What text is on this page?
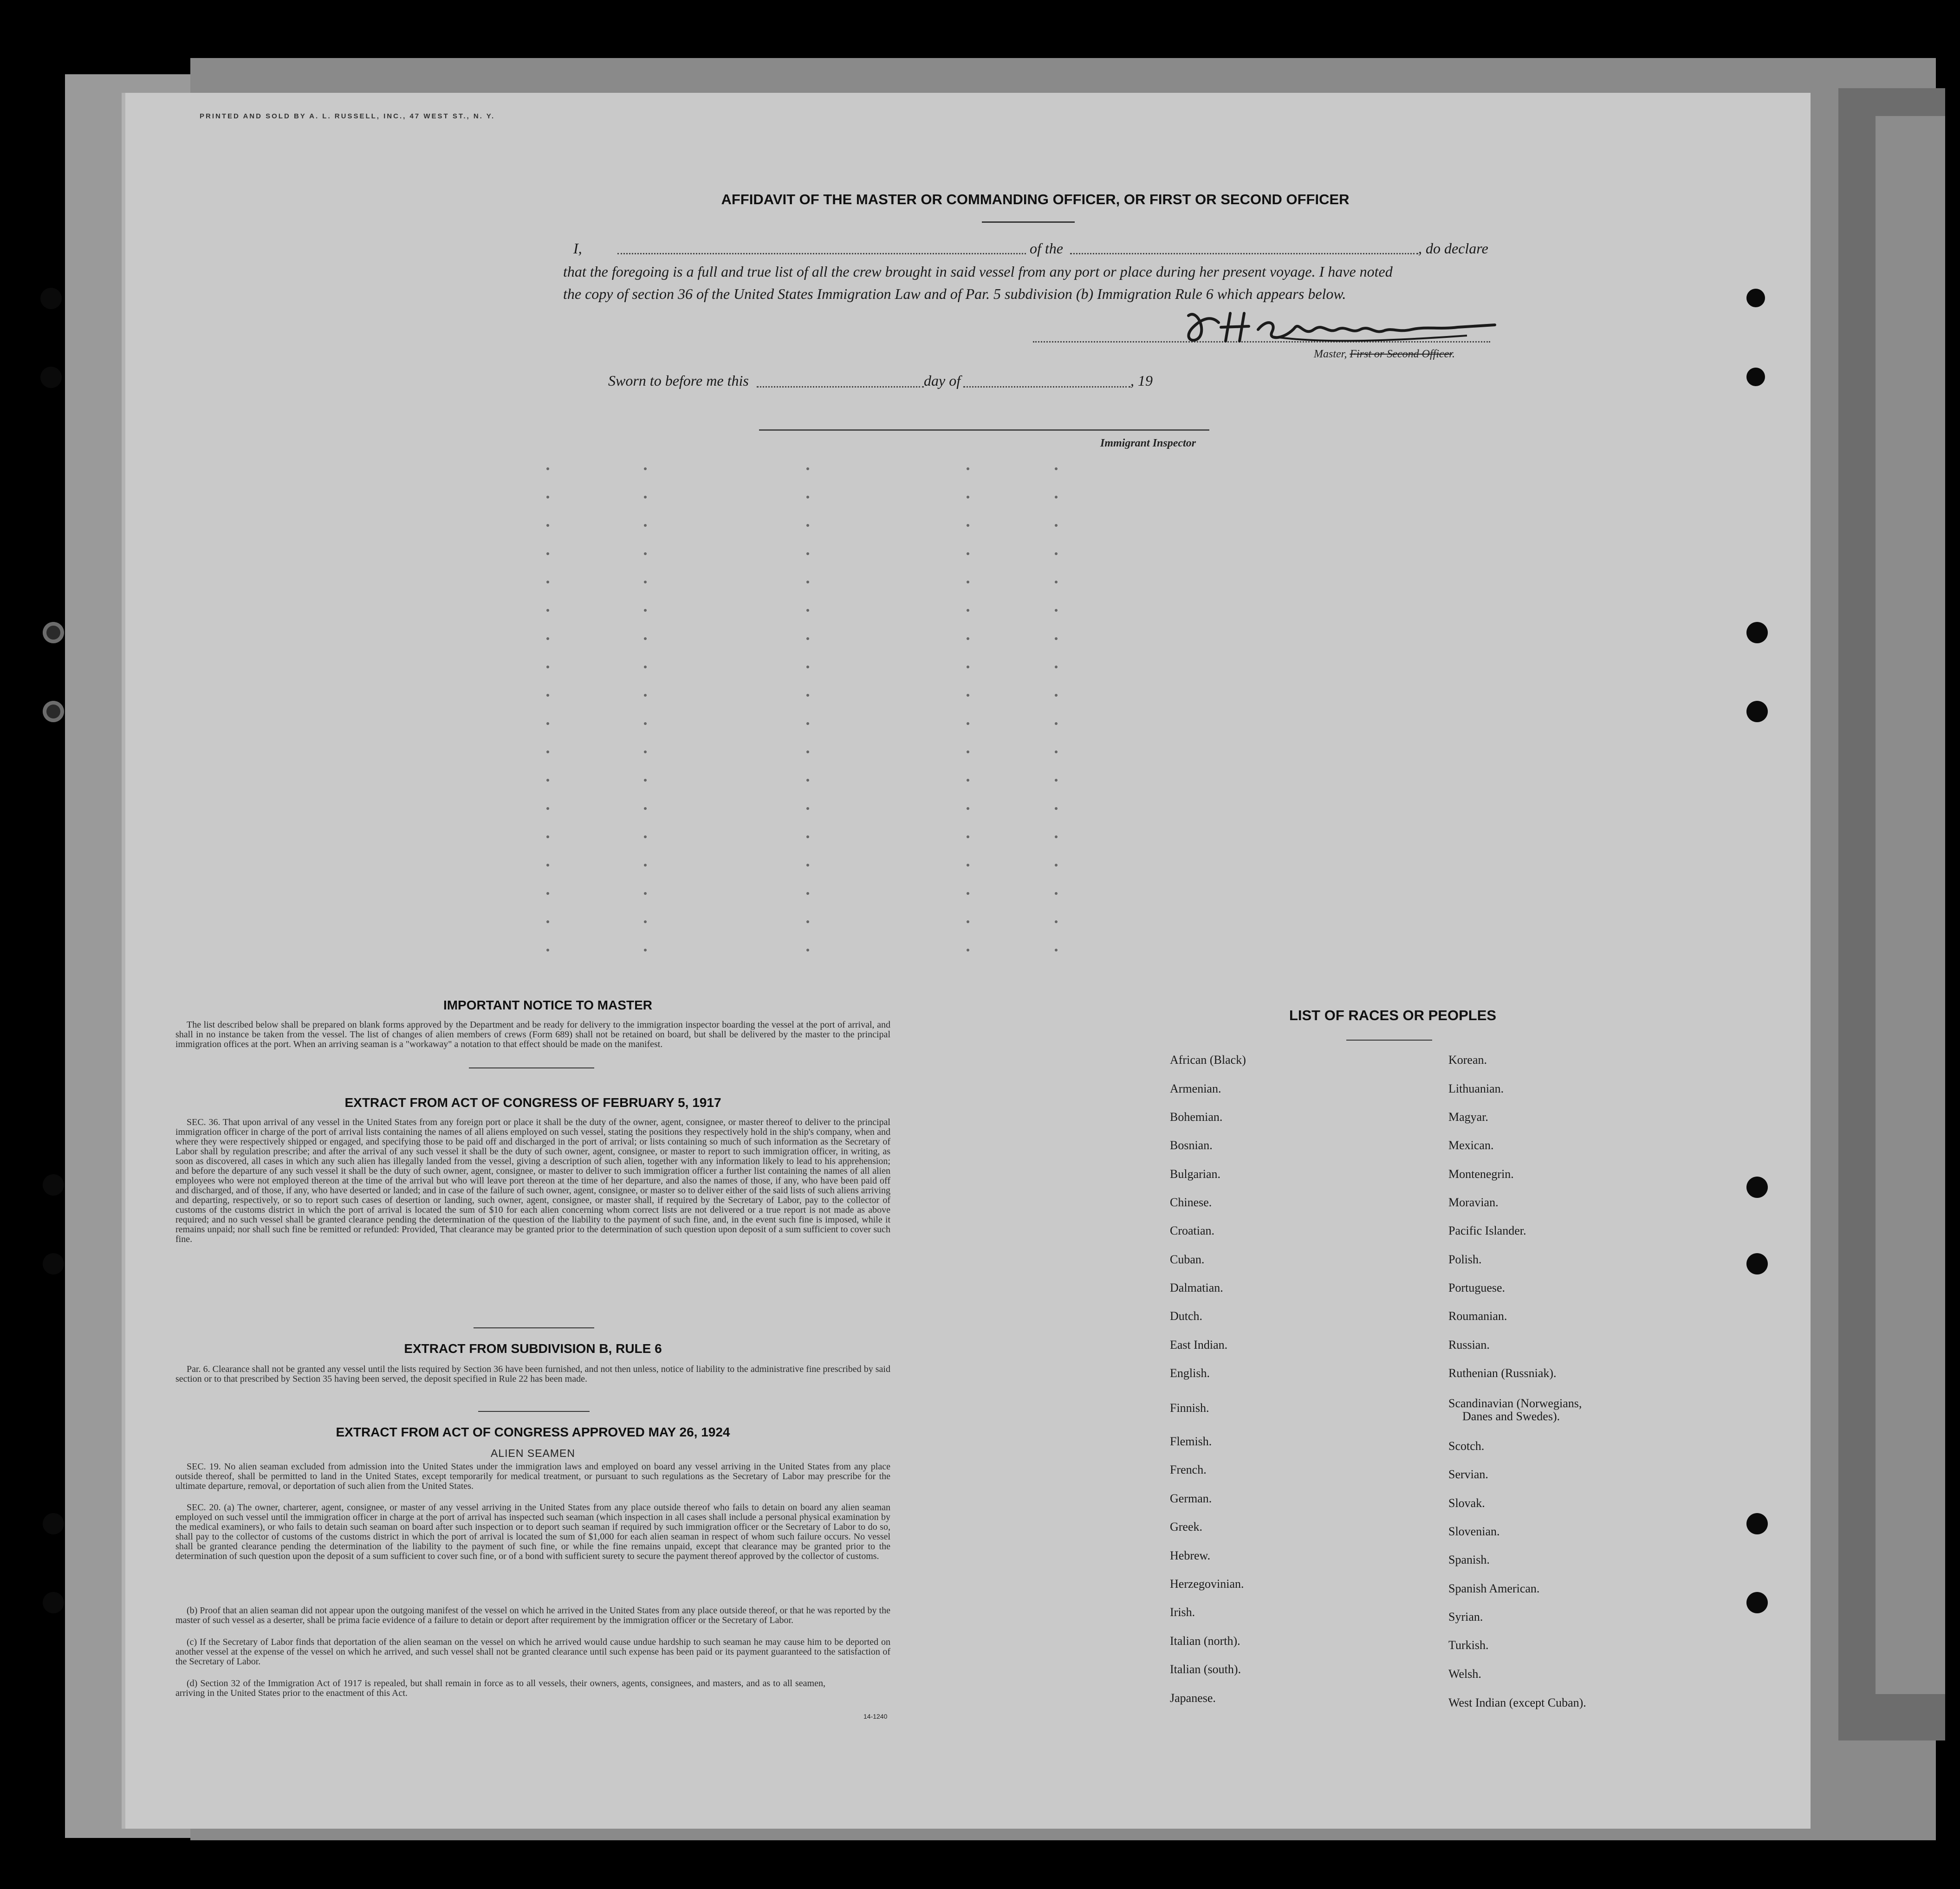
PRINTED AND SOLD BY A. L. RUSSELL, INC., 47 WEST ST., N. Y.
AFFIDAVIT OF THE MASTER OR COMMANDING OFFICER, OR FIRST OR SECOND OFFICER
I,	of the	, do declare
that the foregoing is a full and true list of all the crew brought in said vessel from any port or place during her present voyage. I have noted
the copy of section 36 of the United States Immigration Law and of Par. 5 subdivision (b) Immigration Rule 6 which appears below.
Master, First or Second Officer.
Sworn to before me this	day of	, 19
Immigrant Inspector
IMPORTANT NOTICE TO MASTER

The list described below shall be prepared on blank forms approved by the Department and be ready for delivery to the immigration inspector boarding the vessel at the port of arrival, and shall in no instance be taken from the vessel. The list of changes of alien members of crews (Form 689) shall not be retained on board, but shall be delivered by the master to the principal immigration offices at the port. When an arriving seaman is a "workaway" a notation to that effect should be made on the manifest.

EXTRACT FROM ACT OF CONGRESS OF FEBRUARY 5, 1917

SEC. 36. That upon arrival of any vessel in the United States from any foreign port or place it shall be the duty of the owner, agent, consignee, or master thereof to deliver to the principal immigration officer in charge of the port of arrival lists containing the names of all aliens employed on such vessel, stating the positions they respectively hold in the ship's company, when and where they were respectively shipped or engaged, and specifying those to be paid off and discharged in the port of arrival; or lists containing so much of such information as the Secretary of Labor shall by regulation prescribe; and after the arrival of any such vessel it shall be the duty of such owner, agent, consignee, or master to report to such immigration officer, in writing, as soon as discovered, all cases in which any such alien has illegally landed from the vessel, giving a description of such alien, together with any information likely to lead to his apprehension; and before the departure of any such vessel it shall be the duty of such owner, agent, consignee, or master to deliver to such immigration officer a further list containing the names of all alien employees who were not employed thereon at the time of the arrival but who will leave port thereon at the time of her departure, and also the names of those, if any, who have been paid off and discharged, and of those, if any, who have deserted or landed; and in case of the failure of such owner, agent, consignee, or master so to deliver either of the said lists of such aliens arriving and departing, respectively, or so to report such cases of desertion or landing, such owner, agent, consignee, or master shall, if required by the Secretary of Labor, pay to the collector of customs of the customs district in which the port of arrival is located the sum of $10 for each alien concerning whom correct lists are not delivered or a true report is not made as above required; and no such vessel shall be granted clearance pending the determination of the question of the liability to the payment of such fine, and, in the event such fine is imposed, while it remains unpaid; nor shall such fine be remitted or refunded: Provided, That clearance may be granted prior to the determination of such question upon deposit of a sum sufficient to cover such fine.

EXTRACT FROM SUBDIVISION B, RULE 6

Par. 6. Clearance shall not be granted any vessel until the lists required by Section 36 have been furnished, and not then unless, notice of liability to the administrative fine prescribed by said section or to that prescribed by Section 35 having been served, the deposit specified in Rule 22 has been made.

EXTRACT FROM ACT OF CONGRESS APPROVED MAY 26, 1924
ALIEN SEAMEN

SEC. 19. No alien seaman excluded from admission into the United States under the immigration laws and employed on board any vessel arriving in the United States from any place outside thereof, shall be permitted to land in the United States, except temporarily for medical treatment, or pursuant to such regulations as the Secretary of Labor may prescribe for the ultimate departure, removal, or deportation of such alien from the United States.

SEC. 20. (a) The owner, charterer, agent, consignee, or master of any vessel arriving in the United States from any place outside thereof who fails to detain on board any alien seaman employed on such vessel until the immigration officer in charge at the port of arrival has inspected such seaman (which inspection in all cases shall include a personal physical examination by the medical examiners), or who fails to detain such seaman on board after such inspection or to deport such seaman if required by such immigration officer or the Secretary of Labor to do so, shall pay to the collector of customs of the customs district in which the port of arrival is located the sum of $1,000 for each alien seaman in respect of whom such failure occurs. No vessel shall be granted clearance pending the determination of the liability to the payment of such fine, or while the fine remains unpaid, except that clearance may be granted prior to the determination of such question upon the deposit of a sum sufficient to cover such fine, or of a bond with sufficient surety to secure the payment thereof approved by the collector of customs.

(b) Proof that an alien seaman did not appear upon the outgoing manifest of the vessel on which he arrived in the United States from any place outside thereof, or that he was reported by the master of such vessel as a deserter, shall be prima facie evidence of a failure to detain or deport after requirement by the immigration officer or the Secretary of Labor.

(c) If the Secretary of Labor finds that deportation of the alien seaman on the vessel on which he arrived would cause undue hardship to such seaman he may cause him to be deported on another vessel at the expense of the vessel on which he arrived, and such vessel shall not be granted clearance until such expense has been paid or its payment guaranteed to the satisfaction of the Secretary of Labor.

(d) Section 32 of the Immigration Act of 1917 is repealed, but shall remain in force as to all vessels, their owners, agents, consignees, and masters, and as to all seamen, arriving in the United States prior to the enactment of this Act.

14-1240
LIST OF RACES OR PEOPLES
African (Black)
Armenian.
Bohemian.
Bosnian.
Bulgarian.
Chinese.
Croatian.
Cuban.
Dalmatian.
Dutch.
East Indian.
English.
Finnish.
Flemish.
French.
German.
Greek.
Hebrew.
Herzegovinian.
Irish.
Italian (north).
Italian (south).
Japanese.
Korean.
Lithuanian.
Magyar.
Mexican.
Montenegrin.
Moravian.
Pacific Islander.
Polish.
Portuguese.
Roumanian.
Russian.
Ruthenian (Russniak).
Scandinavian (Norwegians,
Danes and Swedes).
Scotch.
Servian.
Slovak.
Slovenian.
Spanish.
Spanish American.
Syrian.
Turkish.
Welsh.
West Indian (except Cuban).
